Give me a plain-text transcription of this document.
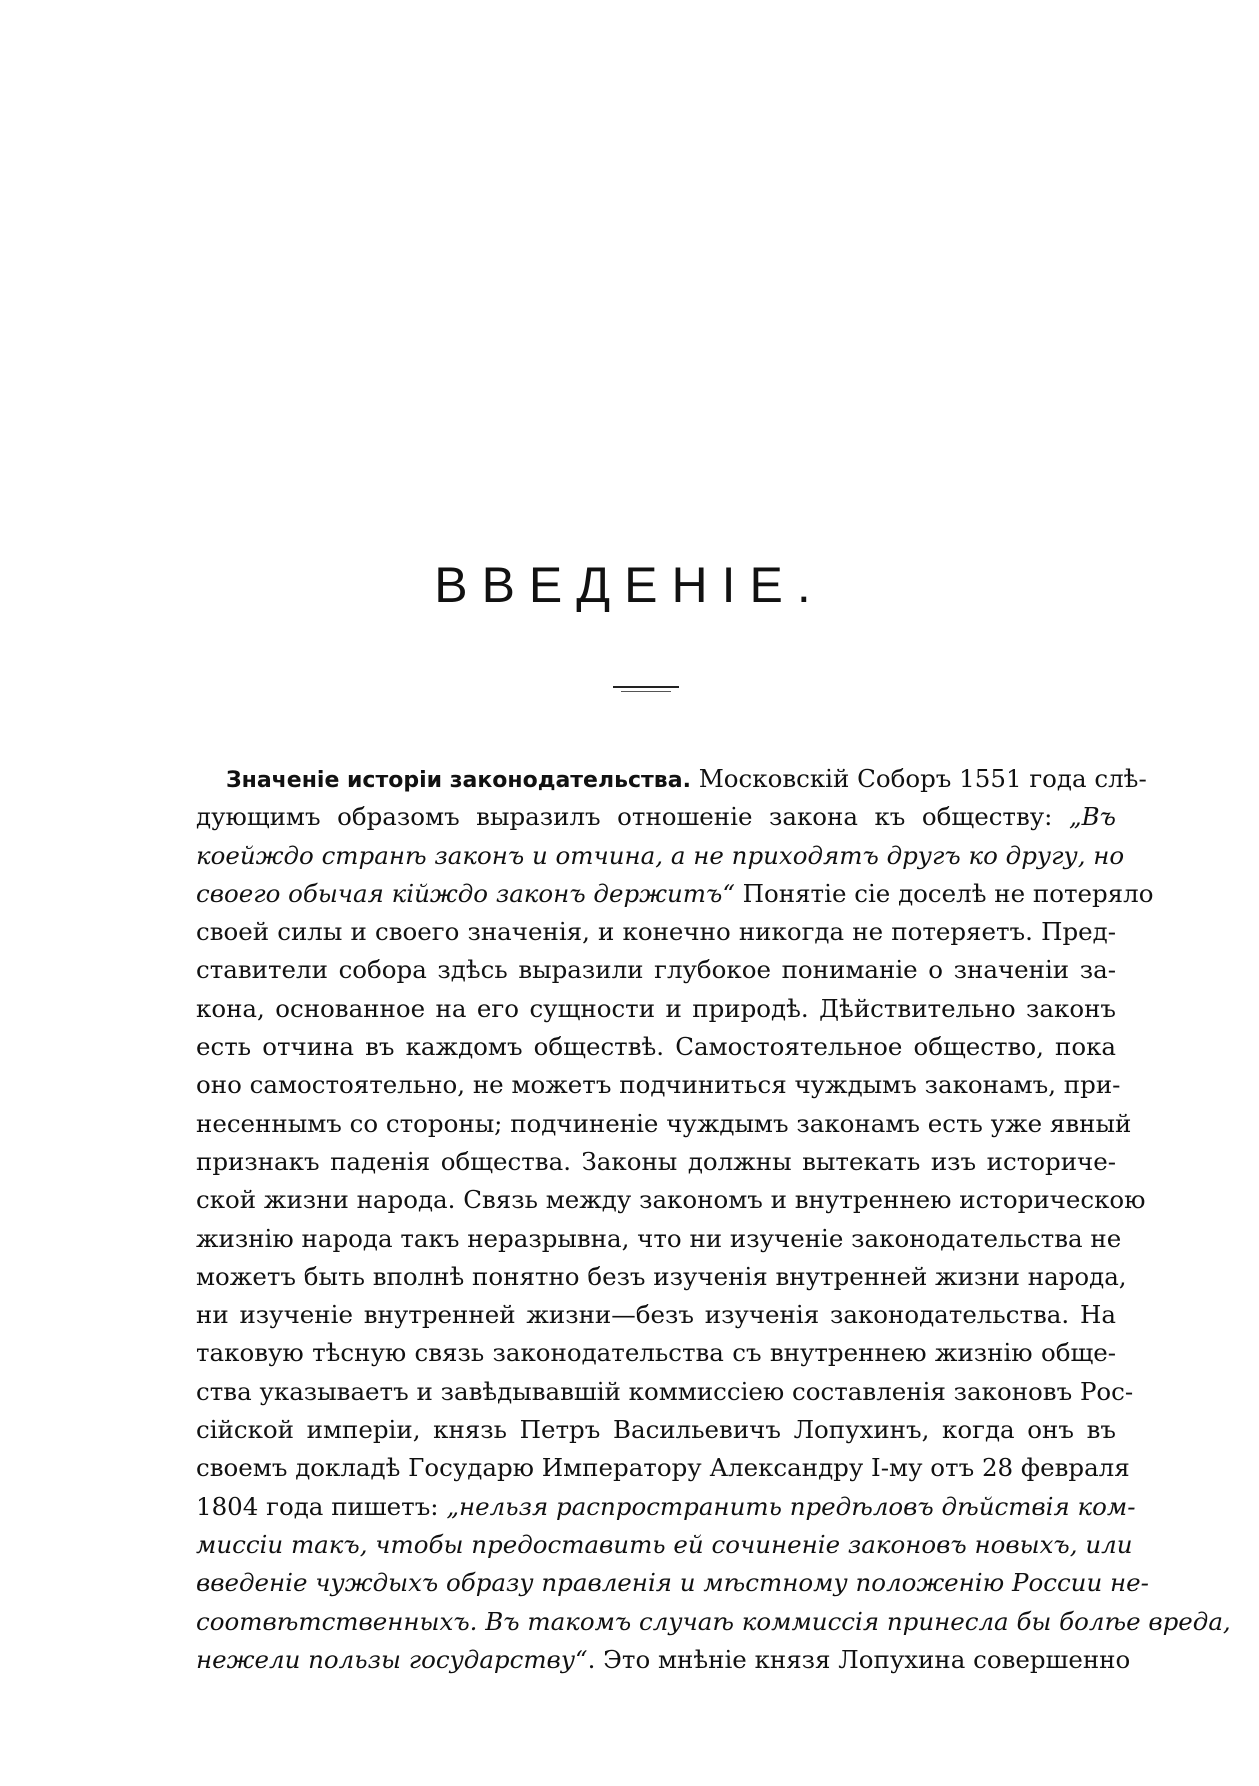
ВВЕДЕНІЕ.
Значеніе исторіи законодательства. Московскій Соборъ 1551 года слѣ-
дующимъ образомъ выразилъ отношеніе закона къ обществу: „Въ
коейждо странѣ законъ и отчина, а не приходятъ другъ ко другу, но
своего обычая кійждо законъ держитъ“ Понятіе сіе доселѣ не потеряло
своей силы и своего значенія, и конечно никогда не потеряетъ. Пред-
ставители собора здѣсь выразили глубокое пониманіе о значеніи за-
кона, основанное на его сущности и природѣ. Дѣйствительно законъ
есть отчина въ каждомъ обществѣ. Самостоятельное общество, пока
оно самостоятельно, не можетъ подчиниться чуждымъ законамъ, при-
несеннымъ со стороны; подчиненіе чуждымъ законамъ есть уже явный
признакъ паденія общества. Законы должны вытекать изъ историче-
ской жизни народа. Связь между закономъ и внутреннею историческою
жизнію народа такъ неразрывна, что ни изученіе законодательства не
можетъ быть вполнѣ понятно безъ изученія внутренней жизни народа,
ни изученіе внутренней жизни—безъ изученія законодательства. На
таковую тѣсную связь законодательства съ внутреннею жизнію обще-
ства указываетъ и завѣдывавшій коммиссіею составленія законовъ Рос-
сійской имперіи, князь Петръ Васильевичъ Лопухинъ, когда онъ въ
своемъ докладѣ Государю Императору Александру I-му отъ 28 февраля
1804 года пишетъ: „нельзя распространить предѣловъ дѣйствія ком-
миссіи такъ, чтобы предоставить ей сочиненіе законовъ новыхъ, или
введеніе чуждыхъ образу правленія и мѣстному положенію России не-
соотвѣтственныхъ. Въ такомъ случаѣ коммиссія принесла бы болѣе вреда,
нежели пользы государству“. Это мнѣніе князя Лопухина совершенно
